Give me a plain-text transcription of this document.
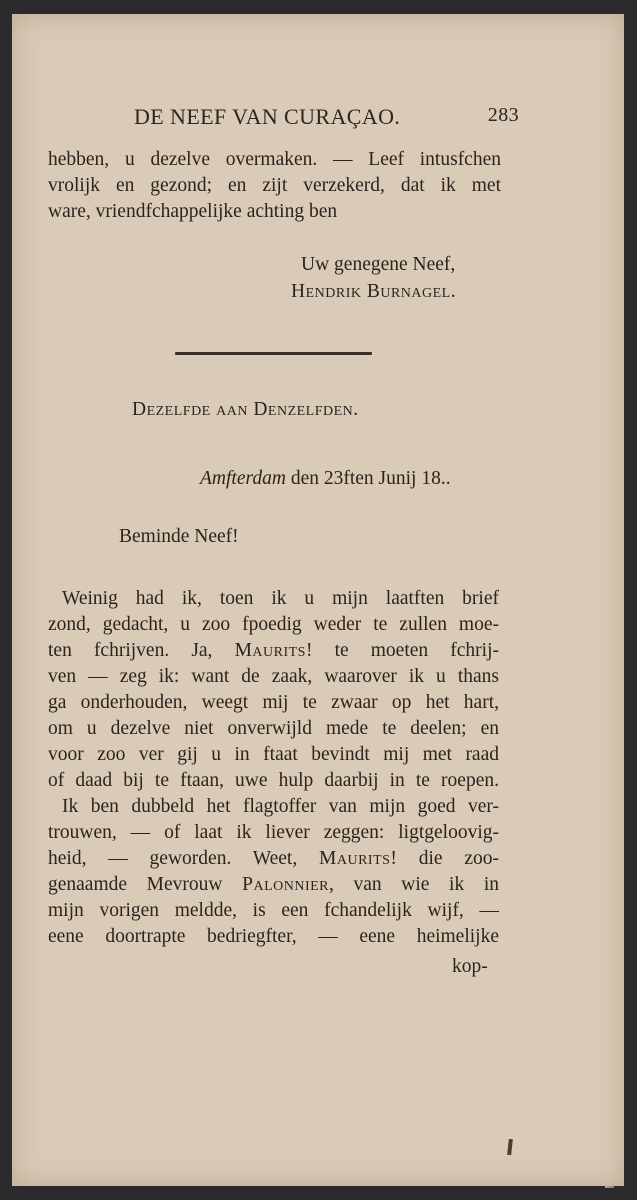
DE NEEF VAN CURAÇAO.	283
hebben, u dezelve overmaken. — Leef intusfchen
vrolijk en gezond; en zijt verzekerd, dat ik met
ware, vriendfchappelijke achting ben
Uw genegene Neef,
Hendrik Burnagel.
Dezelfde aan Denzelfden.
Amfterdam den 23ften Junij 18..
Beminde Neef!
Weinig had ik, toen ik u mijn laatften brief
zond, gedacht, u zoo fpoedig weder te zullen moe-
ten fchrijven. Ja, Maurits! te moeten fchrij-
ven — zeg ik: want de zaak, waarover ik u thans
ga onderhouden, weegt mij te zwaar op het hart,
om u dezelve niet onverwijld mede te deelen; en
voor zoo ver gij u in ftaat bevindt mij met raad
of daad bij te ftaan, uwe hulp daarbij in te roepen.
Ik ben dubbeld het flagtoffer van mijn goed ver-
trouwen, — of laat ik liever zeggen: ligtgeloovig-
heid, — geworden. Weet, Maurits! die zoo-
genaamde Mevrouw Palonnier, van wie ik in
mijn vorigen meldde, is een fchandelijk wijf, —
eene doortrapte bedriegfter, — eene heimelijke
kop-
